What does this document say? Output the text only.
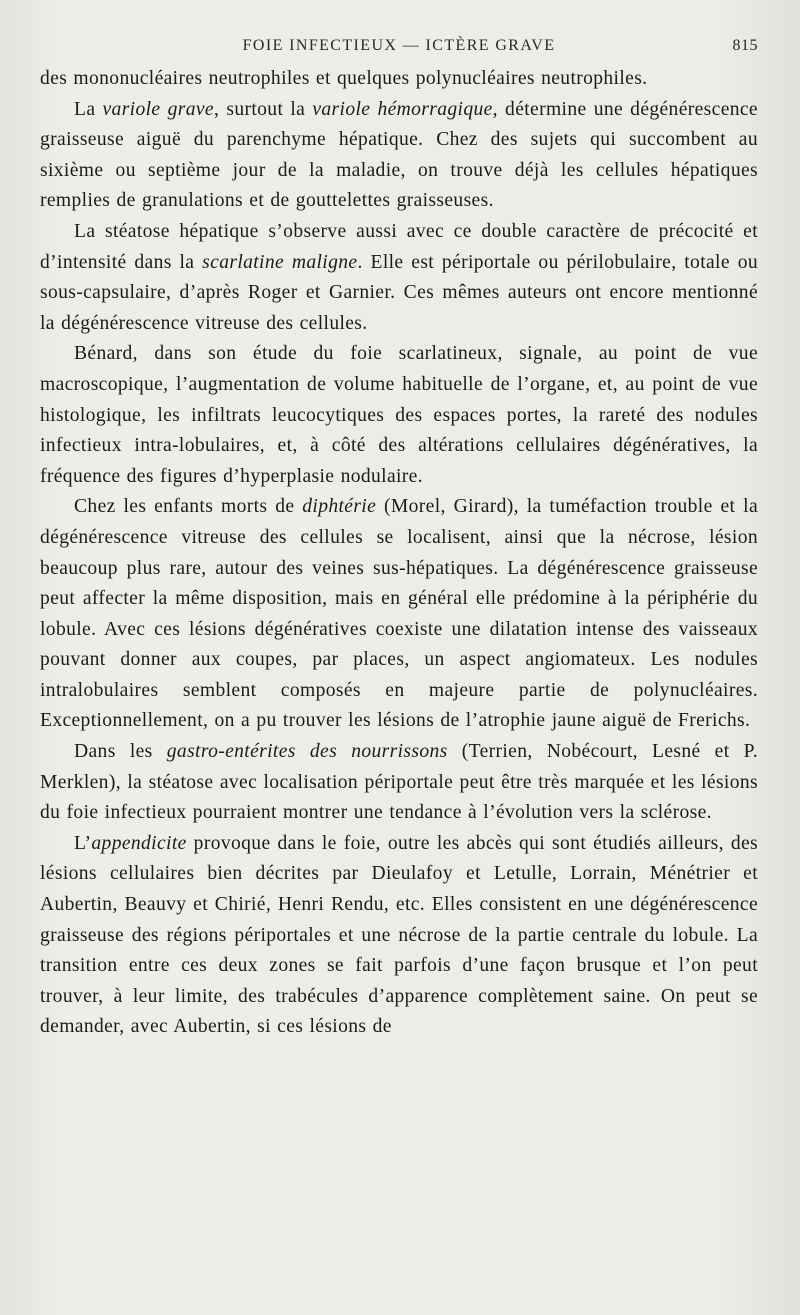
FOIE INFECTIEUX — ICTÈRE GRAVE	815

des mononucléaires neutrophiles et quelques polynucléaires neutrophiles.

La variole grave, surtout la variole hémorragique, détermine une dégénérescence graisseuse aiguë du parenchyme hépatique. Chez des sujets qui succombent au sixième ou septième jour de la maladie, on trouve déjà les cellules hépatiques remplies de granulations et de gouttelettes graisseuses.

La stéatose hépatique s’observe aussi avec ce double caractère de précocité et d’intensité dans la scarlatine maligne. Elle est périportale ou périlobulaire, totale ou sous-capsulaire, d’après Roger et Garnier. Ces mêmes auteurs ont encore mentionné la dégénérescence vitreuse des cellules.

Bénard, dans son étude du foie scarlatineux, signale, au point de vue macroscopique, l’augmentation de volume habituelle de l’organe, et, au point de vue histologique, les infiltrats leucocytiques des espaces portes, la rareté des nodules infectieux intra-lobulaires, et, à côté des altérations cellulaires dégénératives, la fréquence des figures d’hyperplasie nodulaire.

Chez les enfants morts de diphtérie (Morel, Girard), la tuméfaction trouble et la dégénérescence vitreuse des cellules se localisent, ainsi que la nécrose, lésion beaucoup plus rare, autour des veines sus-hépatiques. La dégénérescence graisseuse peut affecter la même disposition, mais en général elle prédomine à la périphérie du lobule. Avec ces lésions dégénératives coexiste une dilatation intense des vaisseaux pouvant donner aux coupes, par places, un aspect angiomateux. Les nodules intralobulaires semblent composés en majeure partie de polynucléaires. Exceptionnellement, on a pu trouver les lésions de l’atrophie jaune aiguë de Frerichs.

Dans les gastro-entérites des nourrissons (Terrien, Nobécourt, Lesné et P. Merklen), la stéatose avec localisation périportale peut être très marquée et les lésions du foie infectieux pourraient montrer une tendance à l’évolution vers la sclérose.

L’appendicite provoque dans le foie, outre les abcès qui sont étudiés ailleurs, des lésions cellulaires bien décrites par Dieulafoy et Letulle, Lorrain, Ménétrier et Aubertin, Beauvy et Chirié, Henri Rendu, etc. Elles consistent en une dégénérescence graisseuse des régions périportales et une nécrose de la partie centrale du lobule. La transition entre ces deux zones se fait parfois d’une façon brusque et l’on peut trouver, à leur limite, des trabécules d’apparence complètement saine. On peut se demander, avec Aubertin, si ces lésions de
